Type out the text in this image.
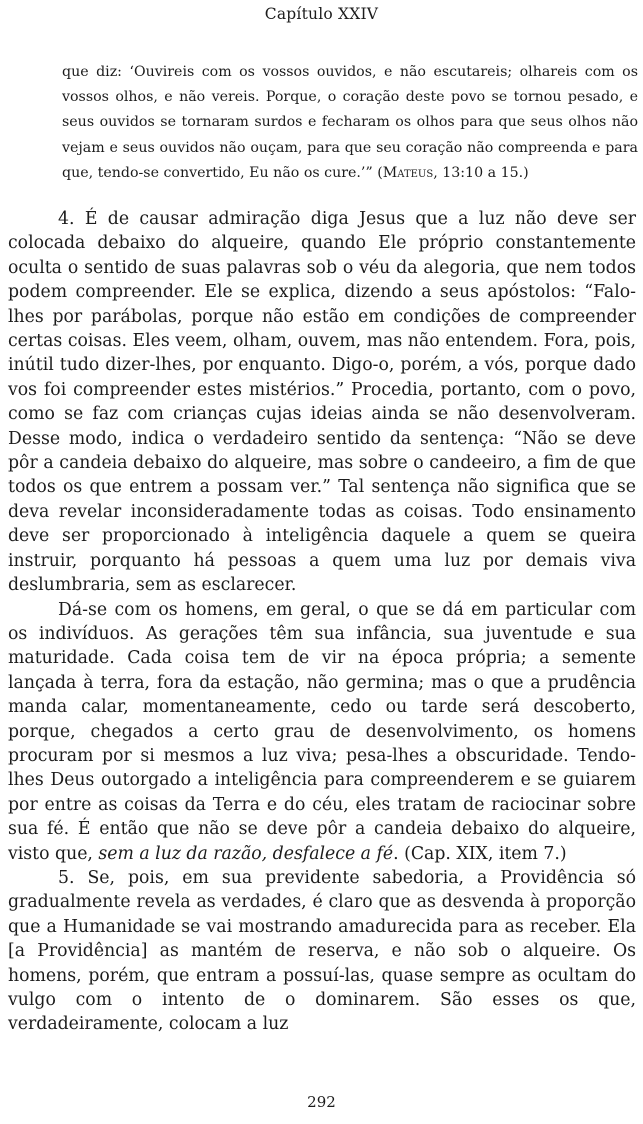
Capítulo XXIV
que diz: ‘Ouvireis com os vossos ouvidos, e não escutareis; olhareis com os vossos olhos, e não vereis. Porque, o coração deste povo se tornou pesado, e seus ouvidos se tornaram surdos e fecharam os olhos para que seus olhos não vejam e seus ouvidos não ouçam, para que seu coração não compreenda e para que, tendo-se convertido, Eu não os cure.’” (Mateus, 13:10 a 15.)

4. É de causar admiração diga Jesus que a luz não deve ser colocada debaixo do alqueire, quando Ele próprio constantemente oculta o sentido de suas palavras sob o véu da alegoria, que nem todos podem compreender. Ele se explica, dizendo a seus apóstolos: “Falo-lhes por parábolas, porque não estão em condições de compreender certas coisas. Eles veem, olham, ouvem, mas não entendem. Fora, pois, inútil tudo dizer-lhes, por enquanto. Digo-o, porém, a vós, porque dado vos foi compreender estes mistérios.” Procedia, portanto, com o povo, como se faz com crianças cujas ideias ainda se não desenvolveram. Desse modo, indica o verdadeiro sentido da sentença: “Não se deve pôr a candeia debaixo do alqueire, mas sobre o candeeiro, a fim de que todos os que entrem a possam ver.” Tal sentença não significa que se deva revelar inconsideradamente todas as coisas. Todo ensinamento deve ser proporcionado à inteligência daquele a quem se queira instruir, porquanto há pessoas a quem uma luz por demais viva deslumbraria, sem as esclarecer.

Dá-se com os homens, em geral, o que se dá em particular com os indivíduos. As gerações têm sua infância, sua juventude e sua maturidade. Cada coisa tem de vir na época própria; a semente lançada à terra, fora da estação, não germina; mas o que a prudência manda calar, momentaneamente, cedo ou tarde será descoberto, porque, chegados a certo grau de desenvolvimento, os homens procuram por si mesmos a luz viva; pesa-lhes a obscuridade. Tendo-lhes Deus outorgado a inteligência para compreenderem e se guiarem por entre as coisas da Terra e do céu, eles tratam de raciocinar sobre sua fé. É então que não se deve pôr a candeia debaixo do alqueire, visto que, sem a luz da razão, desfalece a fé. (Cap. XIX, item 7.)

5. Se, pois, em sua previdente sabedoria, a Providência só gradualmente revela as verdades, é claro que as desvenda à proporção que a Humanidade se vai mostrando amadurecida para as receber. Ela [a Providência] as mantém de reserva, e não sob o alqueire. Os homens, porém, que entram a possuí-las, quase sempre as ocultam do vulgo com o intento de o dominarem. São esses os que, verdadeiramente, colocam a luz

292
